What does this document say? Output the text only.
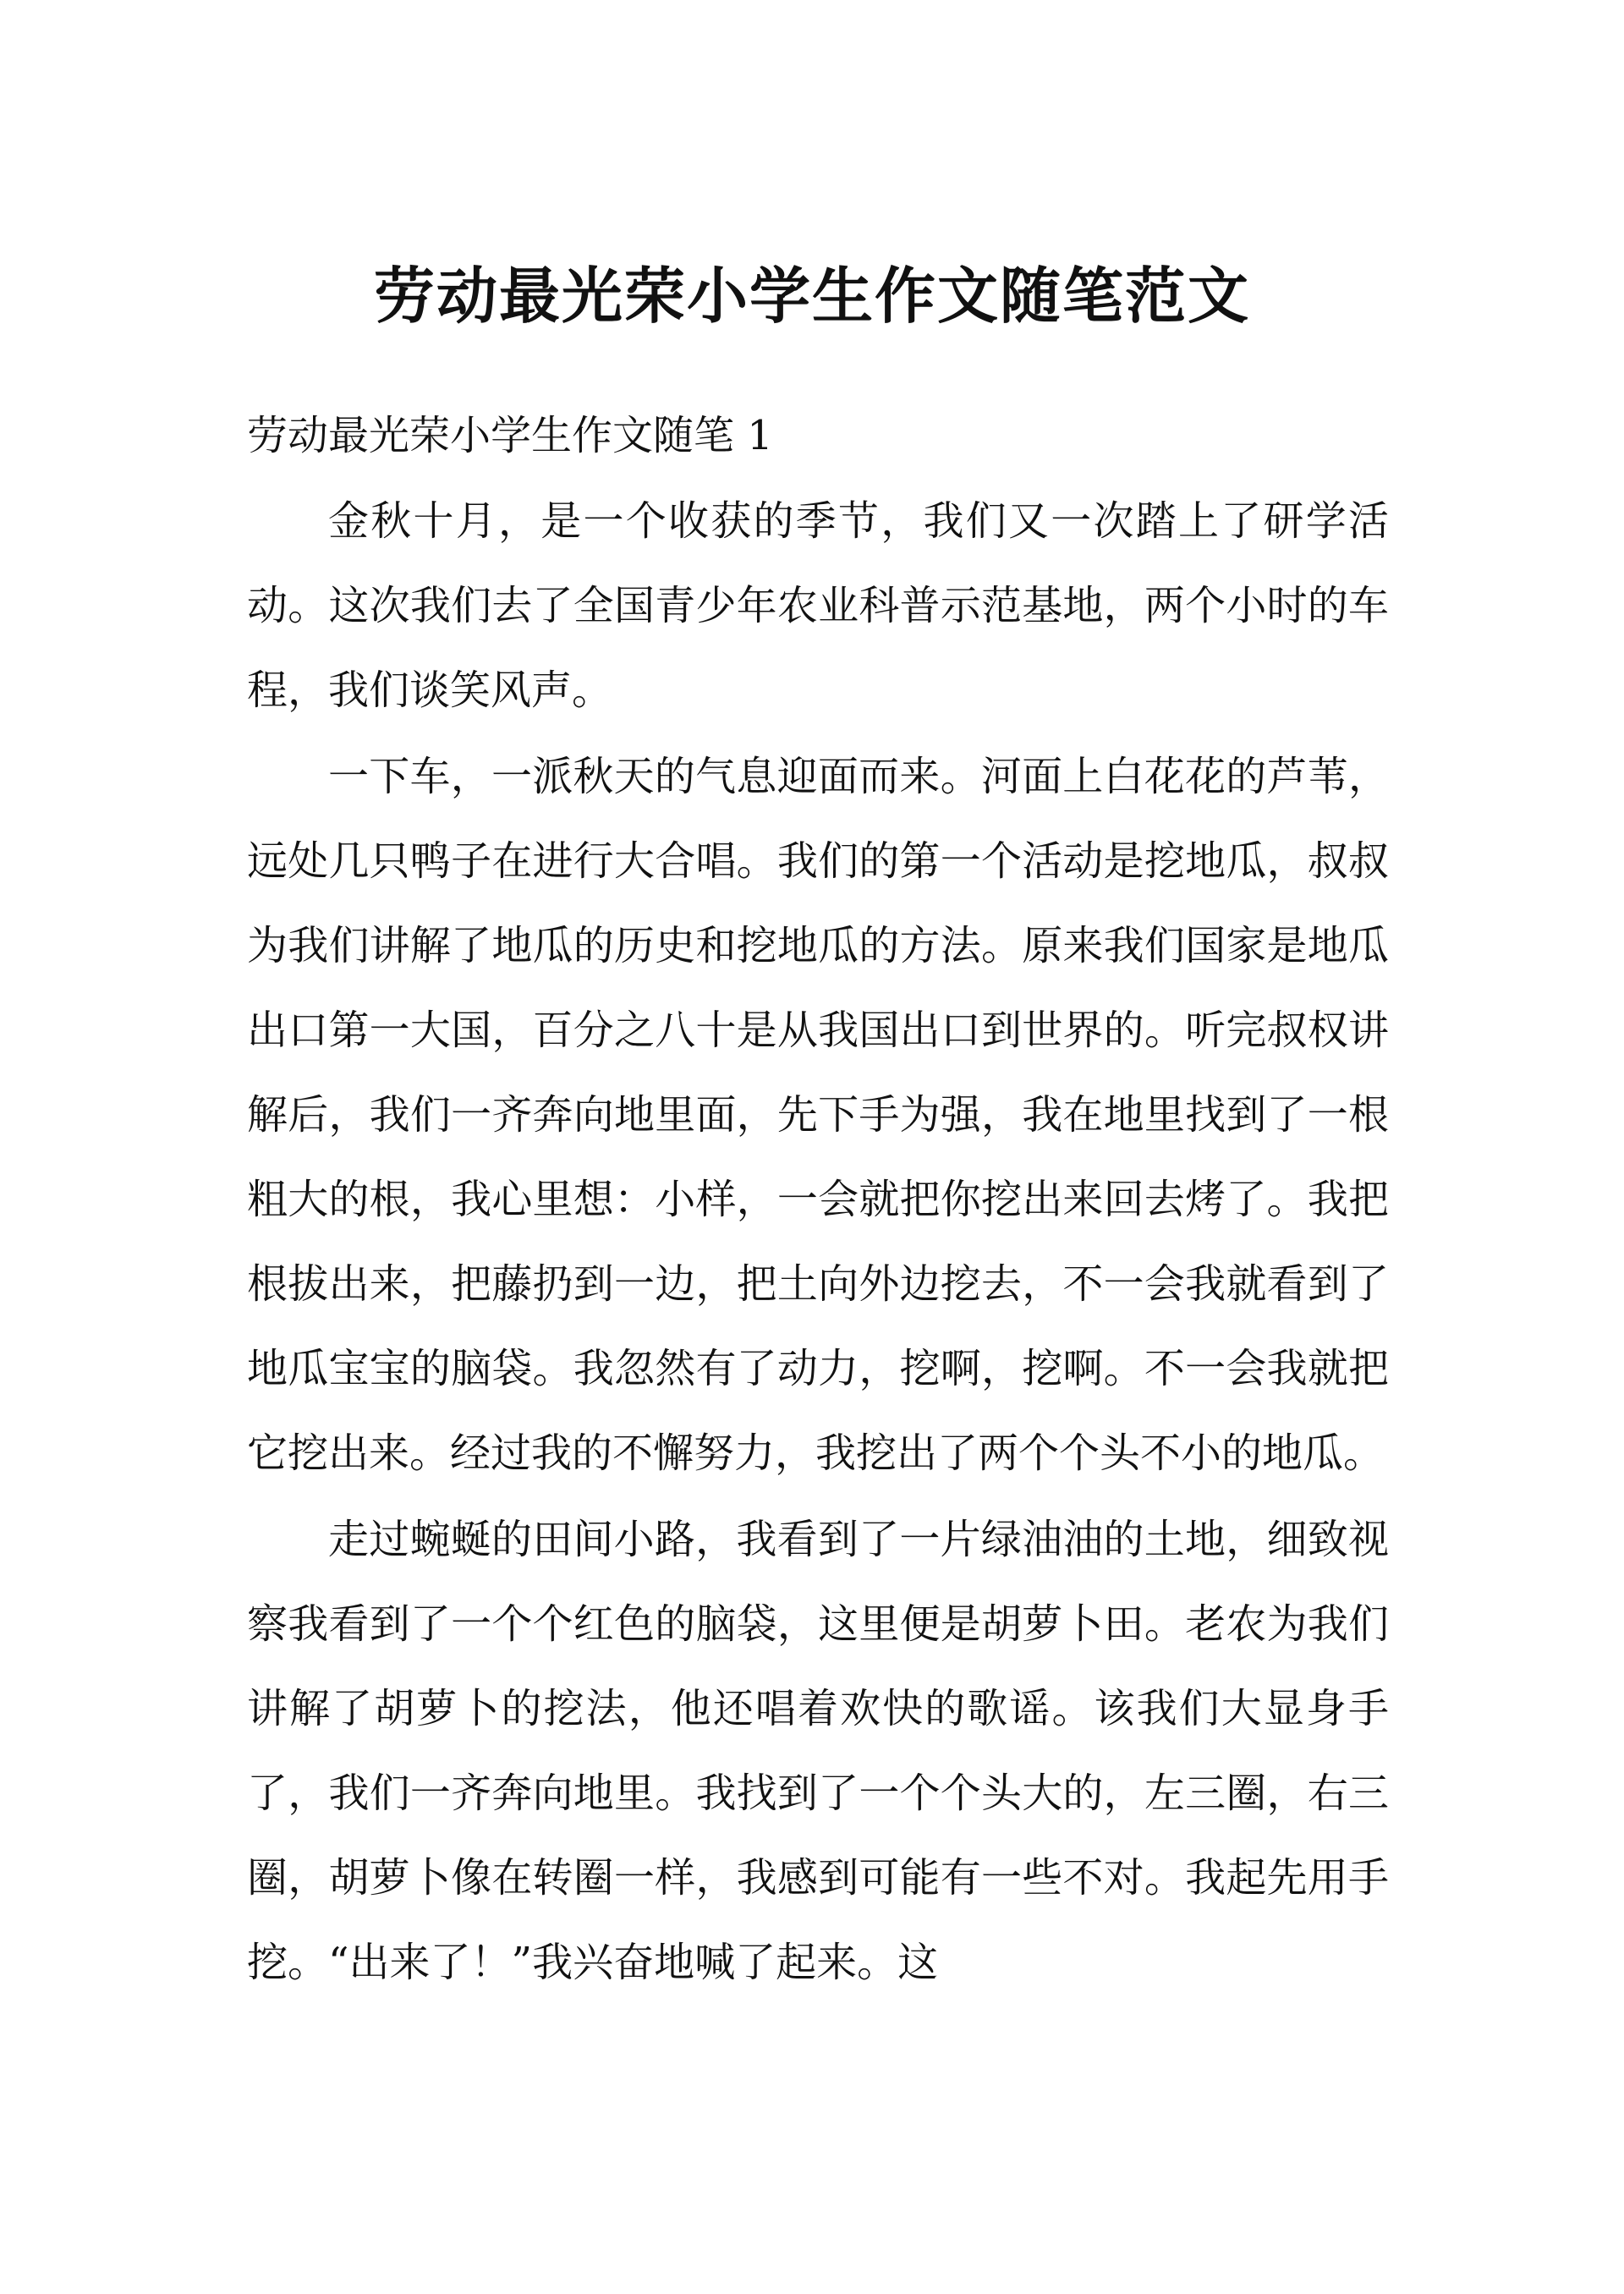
劳动最光荣小学生作文随笔范文
劳动最光荣小学生作文随笔 1

金秋十月，是一个收获的季节，我们又一次踏上了研学活动。这次我们去了全国青少年农业科普示范基地，两个小时的车程，我们谈笑风声。

一下车，一派秋天的气息迎面而来。河面上白花花的芦苇，远处几只鸭子在进行大合唱。我们的第一个活动是挖地瓜，叔叔为我们讲解了地瓜的历史和挖地瓜的方法。原来我们国家是地瓜出口第一大国，百分之八十是从我国出口到世界的。听完叔权讲解后，我们一齐奔向地里面，先下手为强，我在地里找到了一根粗大的根，我心里想：小样，一会就把你挖出来回去烤了。我把根拔出来，把藤扔到一边，把土向外边挖去，不一会我就看到了地瓜宝宝的脑袋。我忽然有了动力，挖啊，挖啊。不一会我就把它挖出来。经过我的不懈努力，我挖出了两个个头不小的地瓜。

走过蜿蜒的田间小路，我看到了一片绿油油的土地，细致视察我看到了一个个红色的脑袋，这里便是胡萝卜田。老农为我们讲解了胡萝卜的挖法，他还唱着欢快的歌谣。该我们大显身手了，我们一齐奔向地里。我找到了一个个头大的，左三圈，右三圈，胡萝卜像在转圈一样，我感到可能有一些不对。我起先用手挖。“出来了！”我兴奋地喊了起来。这
